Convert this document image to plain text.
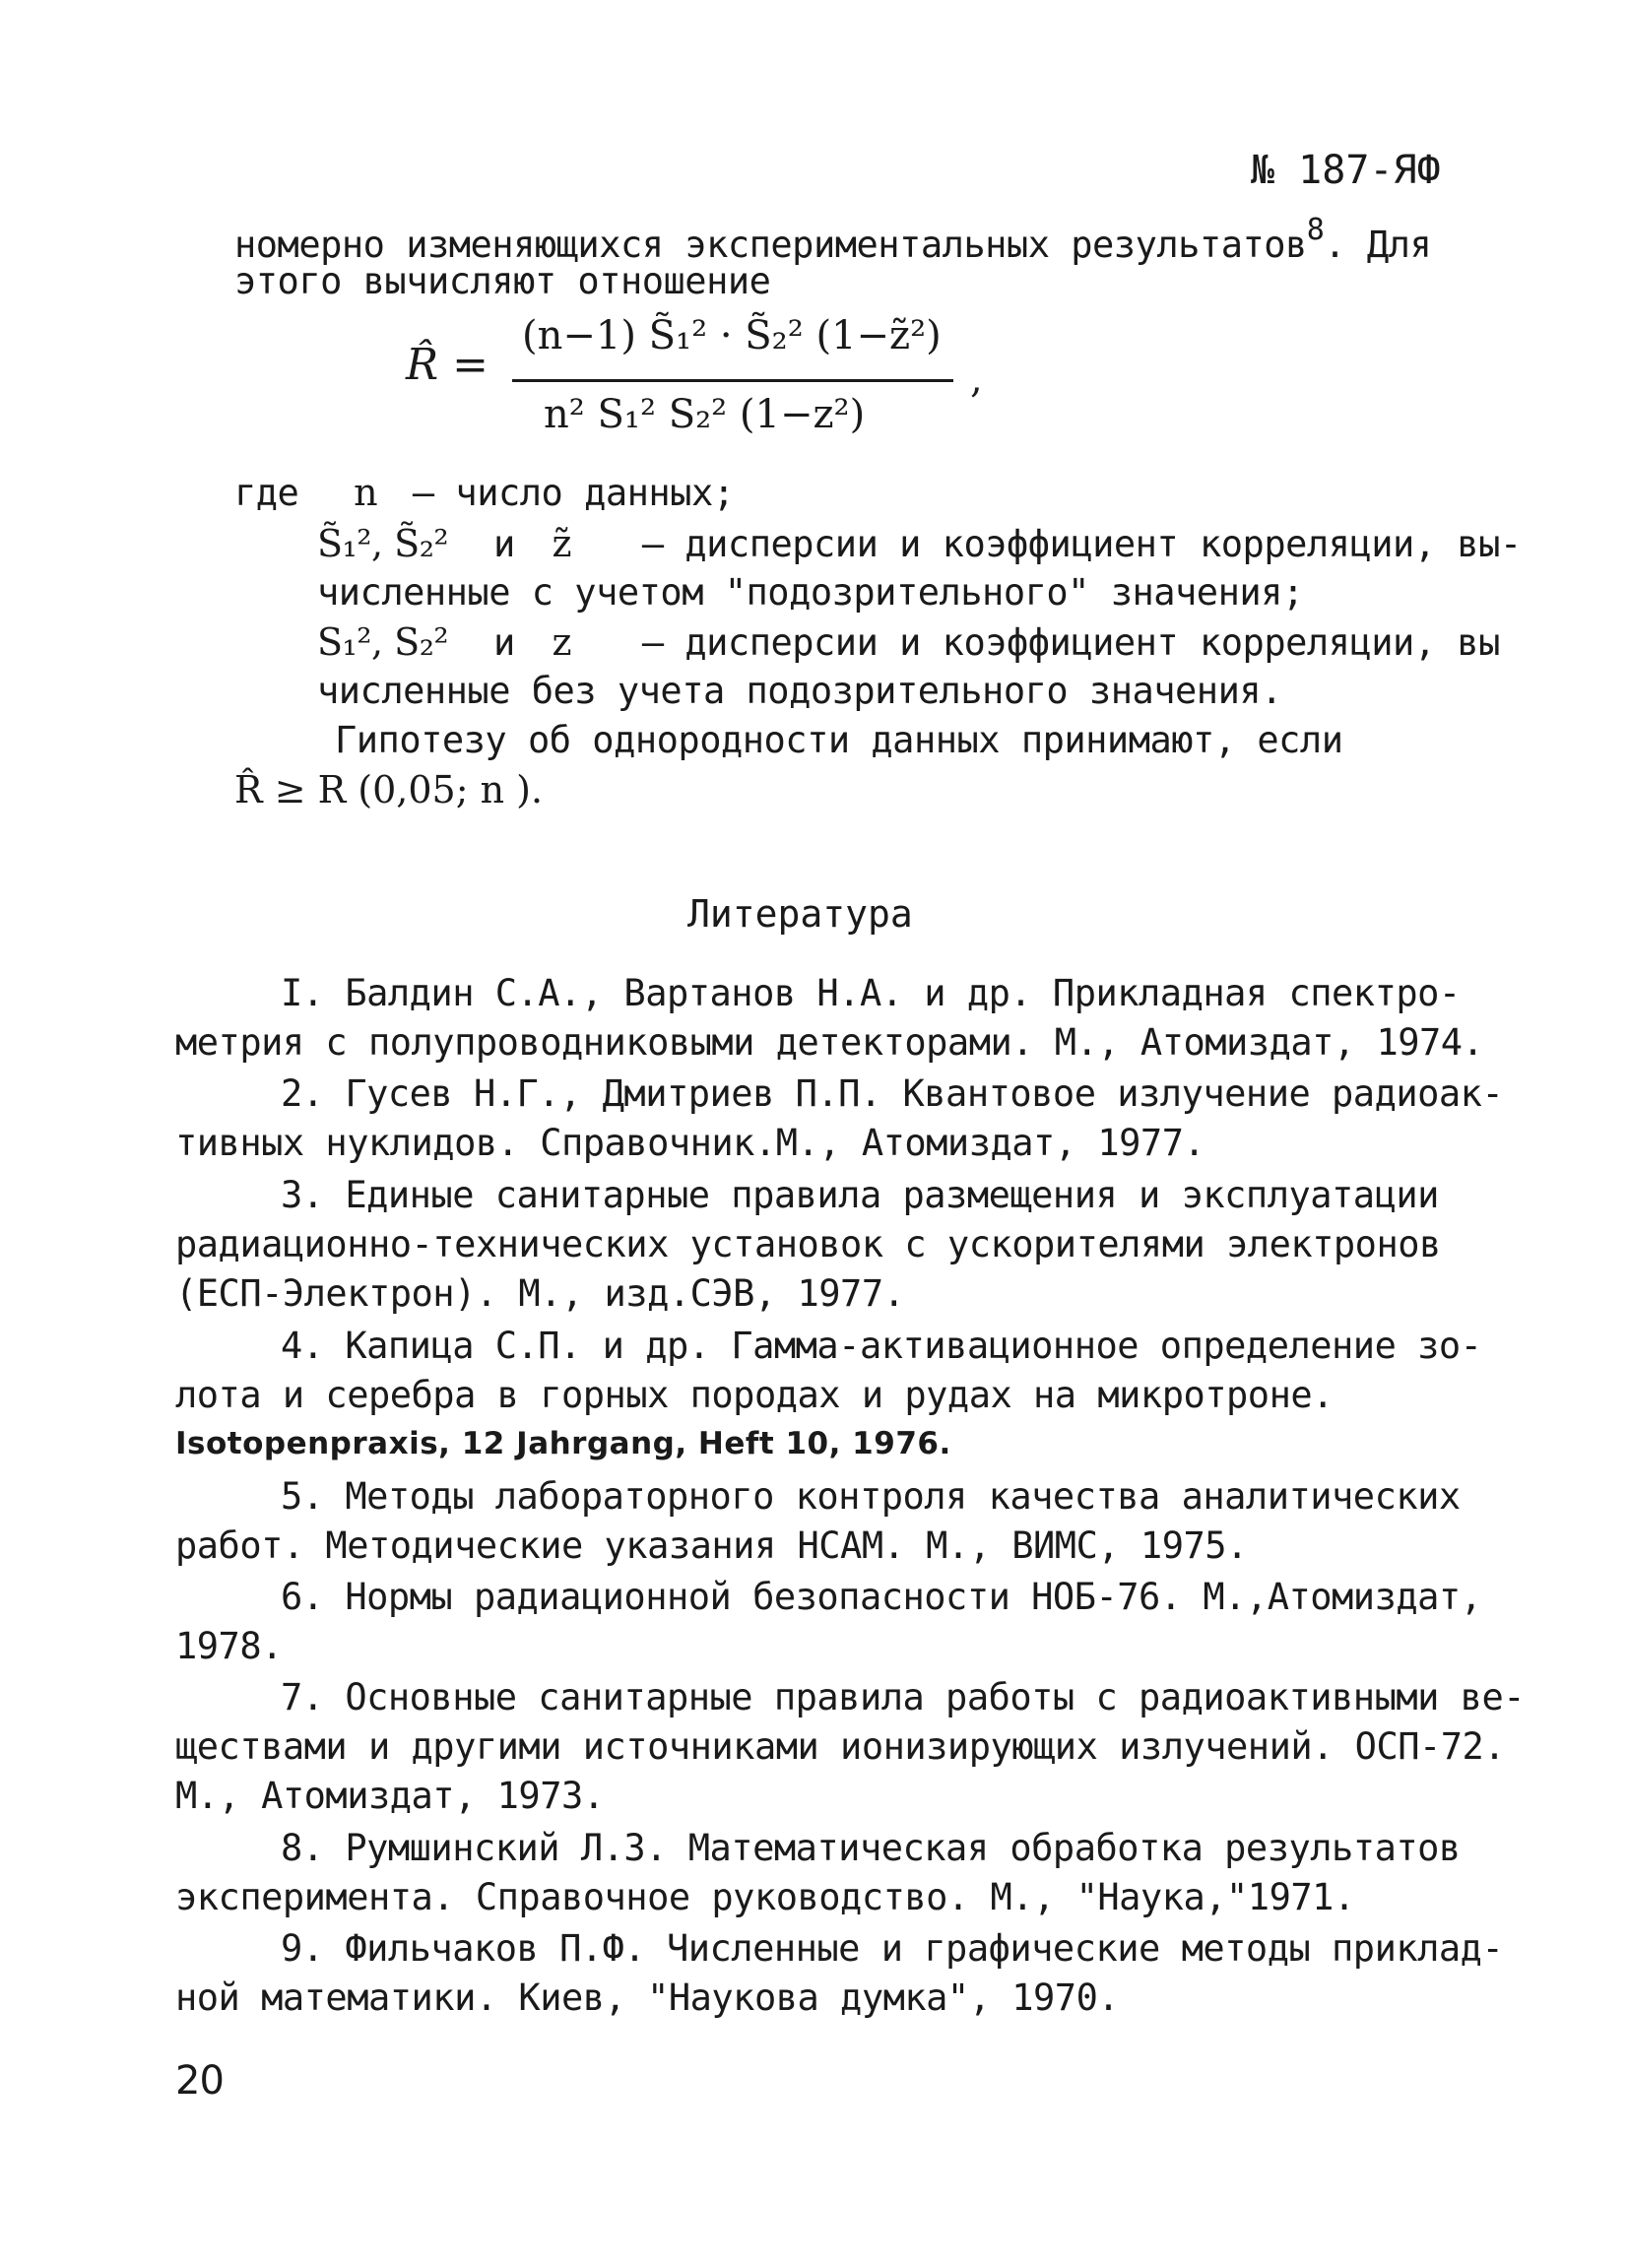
№ 187-ЯФ
номерно изменяющихся экспериментальных результатов$^8$. Для
этого вычисляют отношение
R̂ =
(n−1) S̃₁² · S̃₂² (1−z̃²)
n² S₁² S₂² (1−z²)
,
где n – число данных;
S̃₁², S̃₂² и z̃ – дисперсии и коэффициент корреляции, вы-
численные с учетом "подозрительного" значения;
S₁², S₂² и z – дисперсии и коэффициент корреляции, вы
численные без учета подозрительного значения.
Гипотезу об однородности данных принимают, если
R̂ ≥ R (0,05; n ).
Литература
I. Балдин С.А., Вартанов Н.А. и др. Прикладная спектро-
метрия с полупроводниковыми детекторами. М., Атомиздат, 1974.
2. Гусев Н.Г., Дмитриев П.П. Квантовое излучение радиоак-
тивных нуклидов. Справочник.М., Атомиздат, 1977.
3. Единые санитарные правила размещения и эксплуатации
радиационно-технических установок с ускорителями электронов
(ЕСП-Электрон). М., изд.СЭВ, 1977.
4. Капица С.П. и др. Гамма-активационное определение зо-
лота и серебра в горных породах и рудах на микротроне.
Isotopenpraxis, 12 Jahrgang, Heft 10, 1976.
5. Методы лабораторного контроля качества аналитических
работ. Методические указания НСАМ. М., ВИМС, 1975.
6. Нормы радиационной безопасности НОБ-76. М.,Атомиздат,
1978.
7. Основные санитарные правила работы с радиоактивными ве-
ществами и другими источниками ионизирующих излучений. ОСП-72.
М., Атомиздат, 1973.
8. Румшинский Л.З. Математическая обработка результатов
эксперимента. Справочное руководство. М., "Наука,"1971.
9. Фильчаков П.Ф. Численные и графические методы приклад-
ной математики. Киев, "Наукова думка", 1970.
20
